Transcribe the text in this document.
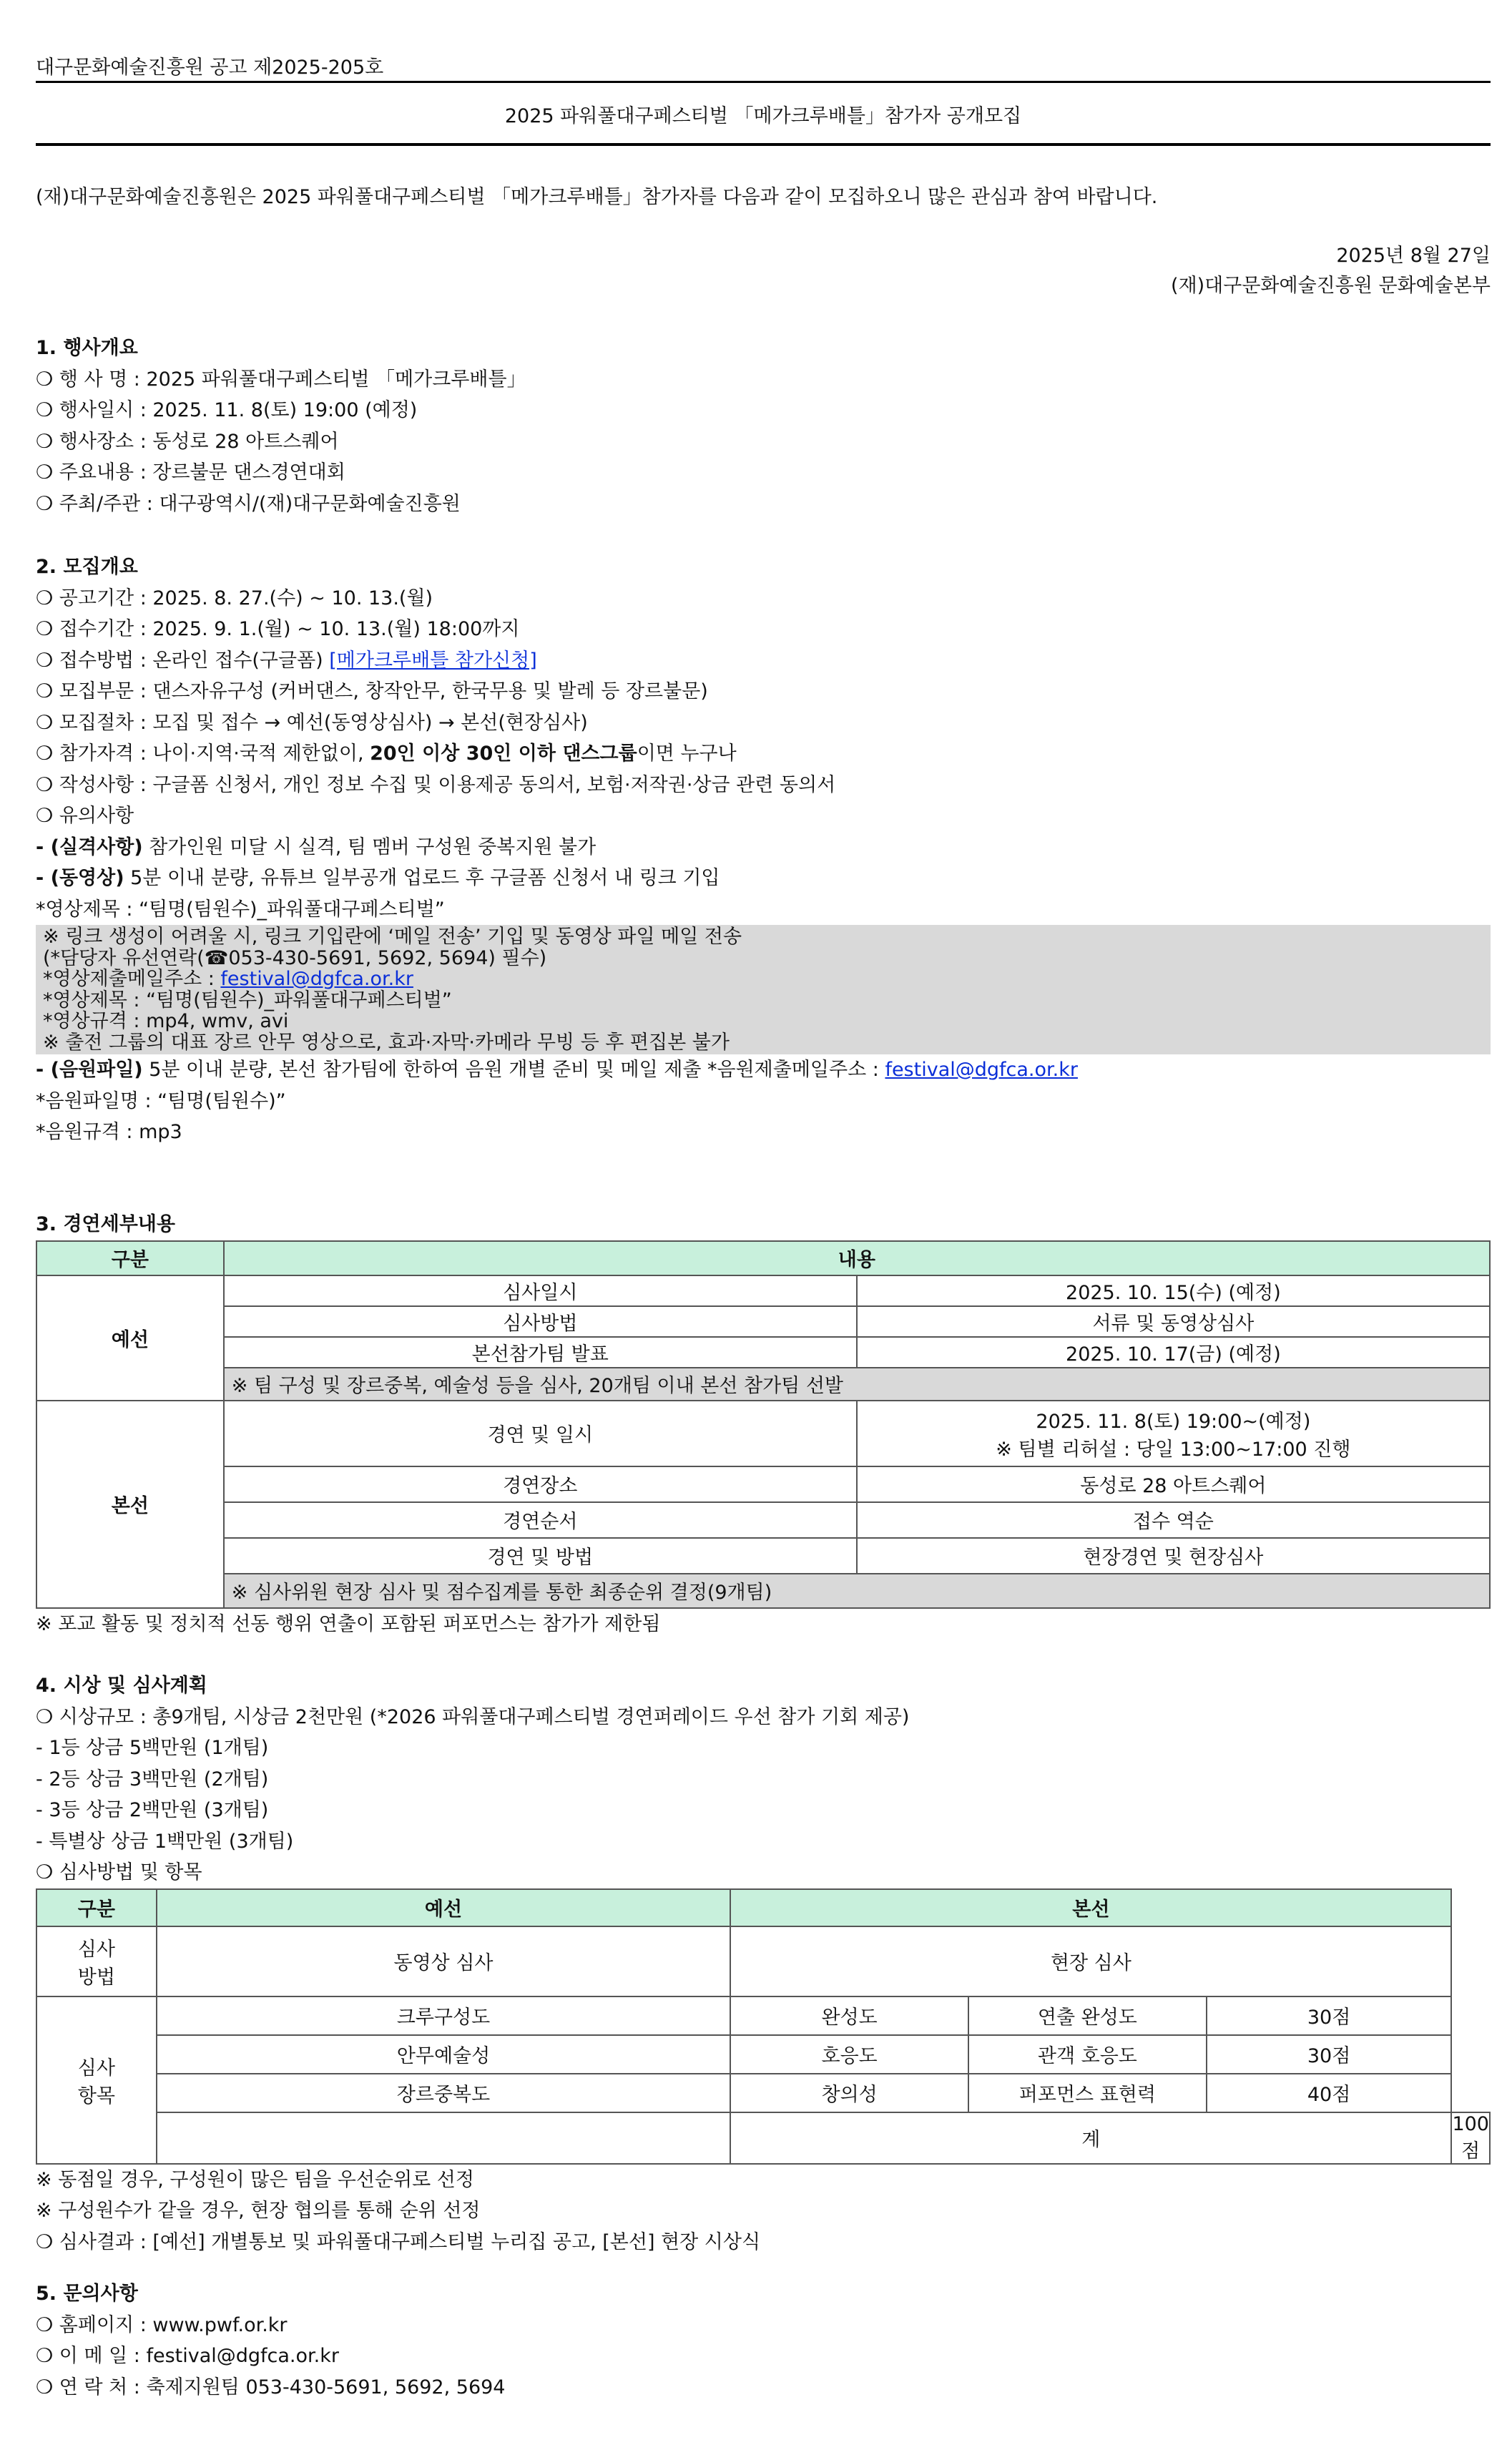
대구문화예술진흥원 공고 제2025-205호
2025 파워풀대구페스티벌 「메가크루배틀」참가자 공개모집
(재)대구문화예술진흥원은 2025 파워풀대구페스티벌 「메가크루배틀」참가자를 다음과 같이 모집하오니 많은 관심과 참여 바랍니다.
2025년 8월 27일
(재)대구문화예술진흥원 문화예술본부
1. 행사개요
❍ 행 사 명 : 2025 파워풀대구페스티벌 「메가크루배틀」
❍ 행사일시 : 2025. 11. 8(토) 19:00 (예정)
❍ 행사장소 : 동성로 28 아트스퀘어
❍ 주요내용 : 장르불문 댄스경연대회
❍ 주최/주관 : 대구광역시/(재)대구문화예술진흥원
2. 모집개요
❍ 공고기간 : 2025. 8. 27.(수) ~ 10. 13.(월)
❍ 접수기간 : 2025. 9. 1.(월) ~ 10. 13.(월) 18:00까지
❍ 접수방법 : 온라인 접수(구글폼) [메가크루배틀 참가신청]
❍ 모집부문 : 댄스자유구성 (커버댄스, 창작안무, 한국무용 및 발레 등 장르불문)
❍ 모집절차 : 모집 및 접수 → 예선(동영상심사) → 본선(현장심사)
❍ 참가자격 : 나이·지역·국적 제한없이, 20인 이상 30인 이하 댄스그룹이면 누구나
❍ 작성사항 : 구글폼 신청서, 개인 정보 수집 및 이용제공 동의서, 보험·저작권·상금 관련 동의서
❍ 유의사항
- (실격사항) 참가인원 미달 시 실격, 팀 멤버 구성원 중복지원 불가
- (동영상) 5분 이내 분량, 유튜브 일부공개 업로드 후 구글폼 신청서 내 링크 기입
*영상제목 : “팀명(팀원수)_파워풀대구페스티벌”
※ 링크 생성이 어려울 시, 링크 기입란에 ‘메일 전송’ 기입 및 동영상 파일 메일 전송
(*담당자 유선연락(☎053-430-5691, 5692, 5694) 필수)
*영상제출메일주소 : festival@dgfca.or.kr
*영상제목 : “팀명(팀원수)_파워풀대구페스티벌”
*영상규격 : mp4, wmv, avi
※ 출전 그룹의 대표 장르 안무 영상으로, 효과·자막·카메라 무빙 등 후 편집본 불가
- (음원파일) 5분 이내 분량, 본선 참가팀에 한하여 음원 개별 준비 및 메일 제출 *음원제출메일주소 : festival@dgfca.or.kr
*음원파일명 : “팀명(팀원수)”
*음원규격 : mp3
3. 경연세부내용
구분	내용	
예선	심사일시	2025. 10. 15(수) (예정)
	심사방법	서류 및 동영상심사
	본선참가팀 발표	2025. 10. 17(금) (예정)
	※ 팀 구성 및 장르중복, 예술성 등을 심사, 20개팀 이내 본선 참가팀 선발	
본선	경연 및 일시	2025. 11. 8(토) 19:00~(예정)
※ 팀별 리허설 : 당일 13:00~17:00 진행

	경연장소	동성로 28 아트스퀘어
	경연순서	접수 역순
	경연 및 방법	현장경연 및 현장심사
	※ 심사위원 현장 심사 및 점수집계를 통한 최종순위 결정(9개팀)	
※ 포교 활동 및 정치적 선동 행위 연출이 포함된 퍼포먼스는 참가가 제한됨
4. 시상 및 심사계획
❍ 시상규모 : 총9개팀, 시상금 2천만원 (*2026 파워풀대구페스티벌 경연퍼레이드 우선 참가 기회 제공)
- 1등 상금 5백만원 (1개팀)
- 2등 상금 3백만원 (2개팀)
- 3등 상금 2백만원 (3개팀)
- 특별상 상금 1백만원 (3개팀)
❍ 심사방법 및 항목
구분	예선	본선			

심사
방법	동영상 심사	현장 심사			

심사
항목	크루구성도	완성도	연출 완성도	30점	
	안무예술성	호응도	관객 호응도	30점	
	장르중복도	창의성	퍼포먼스 표현력	40점	
		계			100점
※ 동점일 경우, 구성원이 많은 팀을 우선순위로 선정
※ 구성원수가 같을 경우, 현장 협의를 통해 순위 선정
❍ 심사결과 : [예선] 개별통보 및 파워풀대구페스티벌 누리집 공고, [본선] 현장 시상식
5. 문의사항
❍ 홈페이지 : www.pwf.or.kr
❍ 이 메 일 : festival@dgfca.or.kr
❍ 연 락 처 : 축제지원팀 053-430-5691, 5692, 5694
